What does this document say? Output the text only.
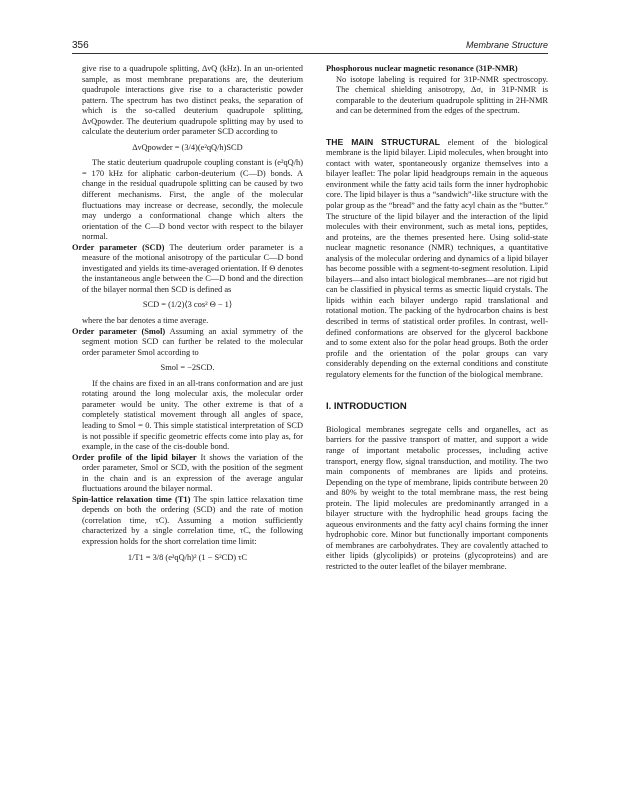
356	Membrane Structure

give rise to a quadrupole splitting, ΔνQ (kHz). In an un-oriented sample, as most membrane preparations are, the deuterium quadrupole interactions give rise to a characteristic powder pattern. The spectrum has two distinct peaks, the separation of which is the so-called deuterium quadrupole splitting, ΔνQpowder. The deuterium quadrupole splitting may by used to calculate the deuterium order parameter SCD according to

ΔνQpowder = (3/4)(e²qQ/h)SCD

The static deuterium quadrupole coupling constant is (e²qQ/h) = 170 kHz for aliphatic carbon-deuterium (C—D) bonds. A change in the residual quadrupole splitting can be caused by two different mechanisms. First, the angle of the molecular fluctuations may increase or decrease, secondly, the molecule may undergo a conformational change which alters the orientation of the C—D bond vector with respect to the bilayer normal.

Order parameter (SCD) The deuterium order parameter is a measure of the motional anisotropy of the particular C—D bond investigated and yields its time-averaged orientation. If Θ denotes the instantaneous angle between the C—D bond and the direction of the bilayer normal then SCD is defined as

SCD = (1/2)⟨3 cos² Θ − 1⟩

where the bar denotes a time average.

Order parameter (Smol) Assuming an axial symmetry of the segment motion SCD can further be related to the molecular order parameter Smol according to

Smol = −2SCD.

If the chains are fixed in an all-trans conformation and are just rotating around the long molecular axis, the molecular order parameter would be unity. The other extreme is that of a completely statistical movement through all angles of space, leading to Smol = 0. This simple statistical interpretation of SCD is not possible if specific geometric effects come into play as, for example, in the case of the cis-double bond.

Order profile of the lipid bilayer It shows the variation of the order parameter, Smol or SCD, with the position of the segment in the chain and is an expression of the average angular fluctuations around the bilayer normal.

Spin-lattice relaxation time (T1) The spin lattice relaxation time depends on both the ordering (SCD) and the rate of motion (correlation time, τC). Assuming a motion sufficiently characterized by a single correlation time, τC, the following expression holds for the short correlation time limit:

1/T1 = 3/8 (e²qQ/h)² (1 − S²CD) τC

Phosphorous nuclear magnetic resonance (31P-NMR)

No isotope labeling is required for 31P-NMR spectroscopy. The chemical shielding anisotropy, Δσ, in 31P-NMR is comparable to the deuterium quadrupole splitting in 2H-NMR and can be determined from the edges of the spectrum.

THE MAIN STRUCTURAL element of the biological membrane is the lipid bilayer. Lipid molecules, when brought into contact with water, spontaneously organize themselves into a bilayer leaflet: The polar lipid headgroups remain in the aqueous environment while the fatty acid tails form the inner hydrophobic core. The lipid bilayer is thus a “sandwich”-like structure with the polar group as the “bread” and the fatty acyl chain as the “butter.” The structure of the lipid bilayer and the interaction of the lipid molecules with their environment, such as metal ions, peptides, and proteins, are the themes presented here. Using solid-state nuclear magnetic resonance (NMR) techniques, a quantitative analysis of the molecular ordering and dynamics of a lipid bilayer has become possible with a segment-to-segment resolution. Lipid bilayers—and also intact biological membranes—are not rigid but can be classified in physical terms as smectic liquid crystals. The lipids within each bilayer undergo rapid translational and rotational motion. The packing of the hydrocarbon chains is best described in terms of statistical order profiles. In contrast, well-defined conformations are observed for the glycerol backbone and to some extent also for the polar head groups. Both the order profile and the orientation of the polar groups can vary considerably depending on the external conditions and constitute regulatory elements for the function of the biological membrane.

I. INTRODUCTION

Biological membranes segregate cells and organelles, act as barriers for the passive transport of matter, and support a wide range of important metabolic processes, including active transport, energy flow, signal transduction, and motility. The two main components of membranes are lipids and proteins. Depending on the type of membrane, lipids contribute between 20 and 80% by weight to the total membrane mass, the rest being protein. The lipid molecules are predominantly arranged in a bilayer structure with the hydrophilic head groups facing the aqueous environments and the fatty acyl chains forming the inner hydrophobic core. Minor but functionally important components of membranes are carbohydrates. They are covalently attached to either lipids (glycolipids) or proteins (glycoproteins) and are restricted to the outer leaflet of the bilayer membrane.
